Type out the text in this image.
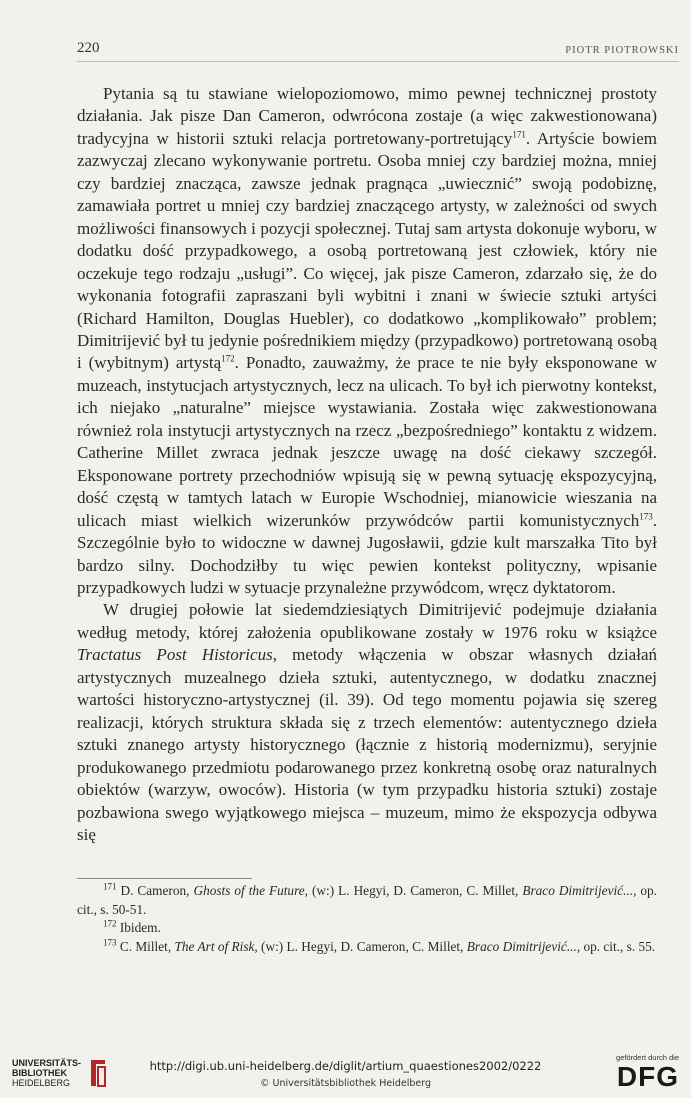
220	PIOTR PIOTROWSKI

Pytania są tu stawiane wielopoziomowo, mimo pewnej technicznej prostoty działania. Jak pisze Dan Cameron, odwrócona zostaje (a więc zakwestionowana) tradycyjna w historii sztuki relacja portretowany-portretujący$^{171}$. Artyście bowiem zazwyczaj zlecano wykonywanie portretu. Osoba mniej czy bardziej można, mniej czy bardziej znacząca, zawsze jednak pragnąca „uwiecznić” swoją podobiznę, zamawiała portret u mniej czy bardziej znaczącego artysty, w zależności od swych możliwości finansowych i pozycji społecznej. Tutaj sam artysta dokonuje wyboru, w dodatku dość przypadkowego, a osobą portretowaną jest człowiek, który nie oczekuje tego rodzaju „usługi”. Co więcej, jak pisze Cameron, zdarzało się, że do wykonania fotografii zapraszani byli wybitni i znani w świecie sztuki artyści (Richard Hamilton, Douglas Huebler), co dodatkowo „komplikowało” problem; Dimitrijević był tu jedynie pośrednikiem między (przypadkowo) portretowaną osobą i (wybitnym) artystą$^{172}$. Ponadto, zauważmy, że prace te nie były eksponowane w muzeach, instytucjach artystycznych, lecz na ulicach. To był ich pierwotny kontekst, ich niejako „naturalne” miejsce wystawiania. Została więc zakwestionowana również rola instytucji artystycznych na rzecz „bezpośredniego” kontaktu z widzem. Catherine Millet zwraca jednak jeszcze uwagę na dość ciekawy szczegół. Eksponowane portrety przechodniów wpisują się w pewną sytuację ekspozycyjną, dość częstą w tamtych latach w Europie Wschodniej, mianowicie wieszania na ulicach miast wielkich wizerunków przywódców partii komunistycznych$^{173}$. Szczególnie było to widoczne w dawnej Jugosławii, gdzie kult marszałka Tito był bardzo silny. Dochodziłby tu więc pewien kontekst polityczny, wpisanie przypadkowych ludzi w sytuacje przynależne przywódcom, wręcz dyktatorom.

W drugiej połowie lat siedemdziesiątych Dimitrijević podejmuje działania według metody, której założenia opublikowane zostały w 1976 roku w książce Tractatus Post Historicus, metody włączenia w obszar własnych działań artystycznych muzealnego dzieła sztuki, autentycznego, w dodatku znacznej wartości historyczno-artystycznej (il. 39). Od tego momentu pojawia się szereg realizacji, których struktura składa się z trzech elementów: autentycznego dzieła sztuki znanego artysty historycznego (łącznie z historią modernizmu), seryjnie produkowanego przedmiotu podarowanego przez konkretną osobę oraz naturalnych obiektów (warzyw, owoców). Historia (w tym przypadku historia sztuki) zostaje pozbawiona swego wyjątkowego miejsca – muzeum, mimo że ekspozycja odbywa się

$^{171}$ D. Cameron, Ghosts of the Future, (w:) L. Hegyi, D. Cameron, C. Millet, Braco Dimitrijević..., op. cit., s. 50-51.

$^{172}$ Ibidem.

$^{173}$ C. Millet, The Art of Risk, (w:) L. Hegyi, D. Cameron, C. Millet, Braco Dimitrijević..., op. cit., s. 55.

UNIVERSITÄTS-
BIBLIOTHEK
HEIDELBERG
http://digi.ub.uni-heidelberg.de/diglit/artium_quaestiones2002/0222
© Universitätsbibliothek Heidelberg
gefördert durch die
DFG
